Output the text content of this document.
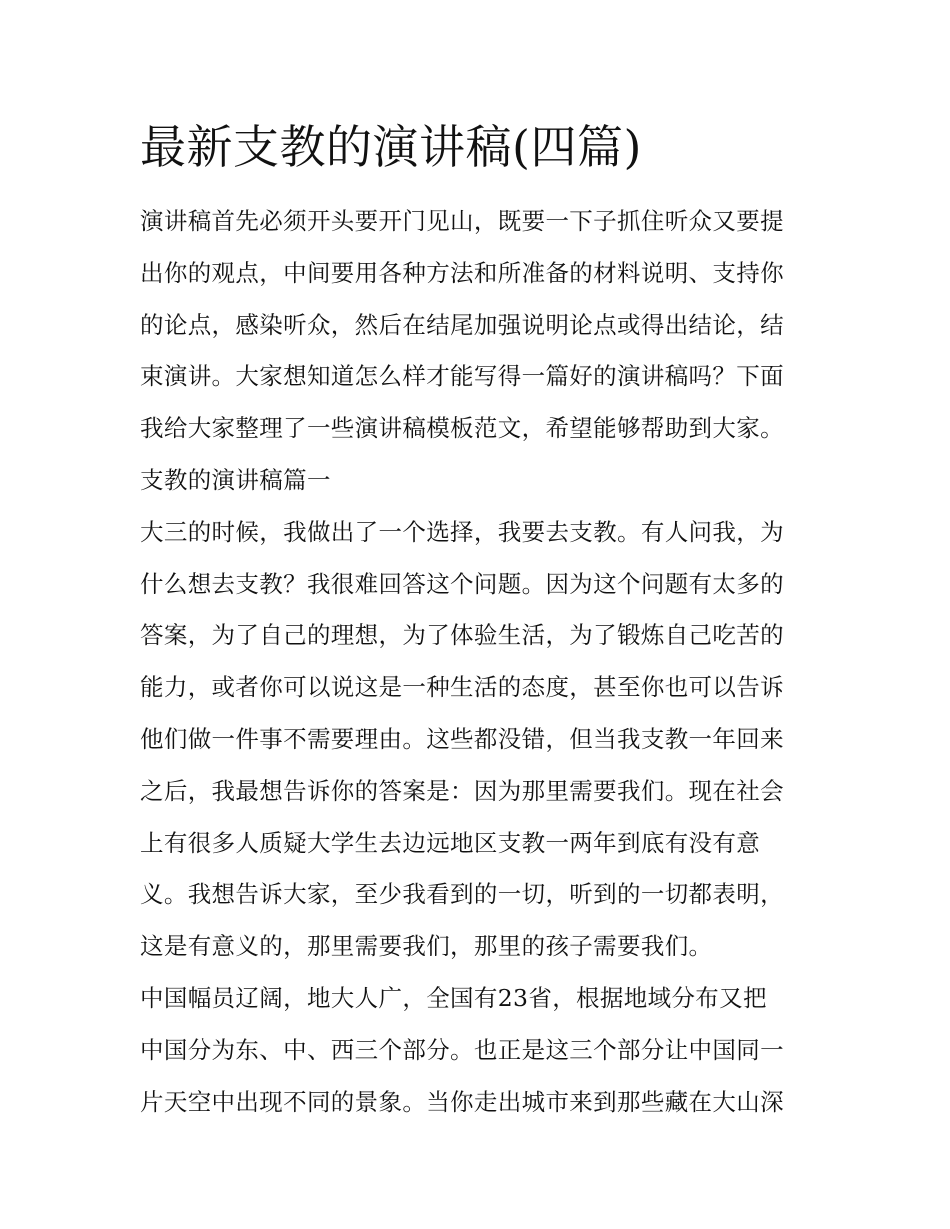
最新支教的演讲稿(四篇)
演讲稿首先必须开头要开门见山，既要一下子抓住听众又要提
出你的观点，中间要用各种方法和所准备的材料说明、支持你
的论点，感染听众，然后在结尾加强说明论点或得出结论，结
束演讲。大家想知道怎么样才能写得一篇好的演讲稿吗？下面
我给大家整理了一些演讲稿模板范文，希望能够帮助到大家。
支教的演讲稿篇一
大三的时候，我做出了一个选择，我要去支教。有人问我，为
什么想去支教？我很难回答这个问题。因为这个问题有太多的
答案，为了自己的理想，为了体验生活，为了锻炼自己吃苦的
能力，或者你可以说这是一种生活的态度，甚至你也可以告诉
他们做一件事不需要理由。这些都没错，但当我支教一年回来
之后，我最想告诉你的答案是：因为那里需要我们。现在社会
上有很多人质疑大学生去边远地区支教一两年到底有没有意
义。我想告诉大家，至少我看到的一切，听到的一切都表明，
这是有意义的，那里需要我们，那里的孩子需要我们。
中国幅员辽阔，地大人广，全国有23省，根据地域分布又把
中国分为东、中、西三个部分。也正是这三个部分让中国同一
片天空中出现不同的景象。当你走出城市来到那些藏在大山深
